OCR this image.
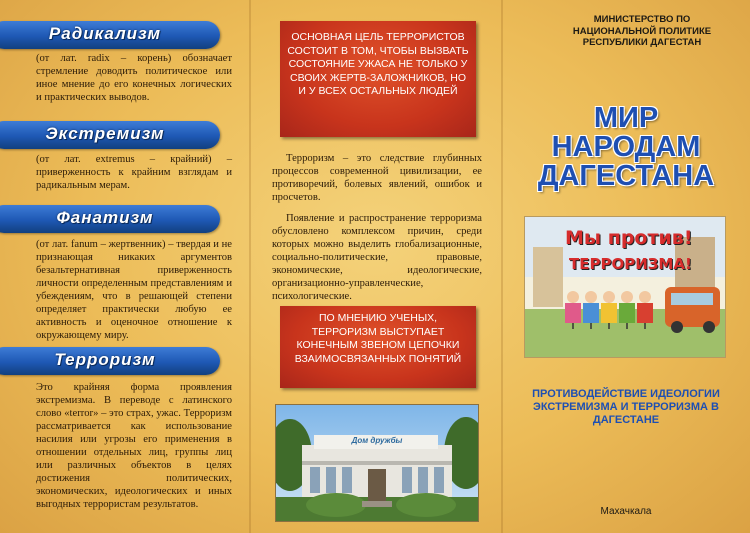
Радикализм
(от лат. radix – корень) обозначает стремление доводить политическое или иное мнение до его конечных логических и практических выводов.
Экстремизм
(от лат. extremus – крайний) – приверженность к крайним взглядам и радикальным мерам.
Фанатизм
(от лат. fanum – жертвенник) – твердая и не признающая никаких аргументов безальтернативная приверженность личности определенным представлениям и убеждениям, что в решающей степени определяет практически любую ее активность и оценочное отношение к окружающему миру.
Терроризм
Это крайняя форма проявления экстремизма. В переводе с латинского слово «terror» – это страх, ужас. Терроризм рассматривается как использование насилия или угрозы его применения в отношении отдельных лиц, группы лиц или различных объектов в целях достижения политических, экономических, идеологических и иных выгодных террористам результатов.
ОСНОВНАЯ ЦЕЛЬ ТЕРРОРИСТОВ СОСТОИТ В ТОМ, ЧТОБЫ ВЫЗВАТЬ СОСТОЯНИЕ УЖАСА НЕ ТОЛЬКО У СВОИХ ЖЕРТВ-ЗАЛОЖНИКОВ, НО И У ВСЕХ ОСТАЛЬНЫХ ЛЮДЕЙ
Терроризм – это следствие глубинных процессов современной цивилизации, ее противоречий, болевых явлений, ошибок и просчетов.
Появление и распространение терроризма обусловлено комплексом причин, среди которых можно выделить глобализационные, социально-политические, правовые, экономические, идеологические, организационно-управленческие, психологические.
ПО МНЕНИЮ УЧЕНЫХ, ТЕРРОРИЗМ ВЫСТУПАЕТ КОНЕЧНЫМ ЗВЕНОМ ЦЕПОЧКИ ВЗАИМОСВЯЗАННЫХ ПОНЯТИЙ
Дом дружбы
МИНИСТЕРСТВО ПО НАЦИОНАЛЬНОЙ ПОЛИТИКЕ РЕСПУБЛИКИ ДАГЕСТАН
МИР НАРОДАМ ДАГЕСТАНА
Мы против!
ТЕРРОРИЗМА!
ПРОТИВОДЕЙСТВИЕ ИДЕОЛОГИИ ЭКСТРЕМИЗМА И ТЕРРОРИЗМА В ДАГЕСТАНЕ
Махачкала
